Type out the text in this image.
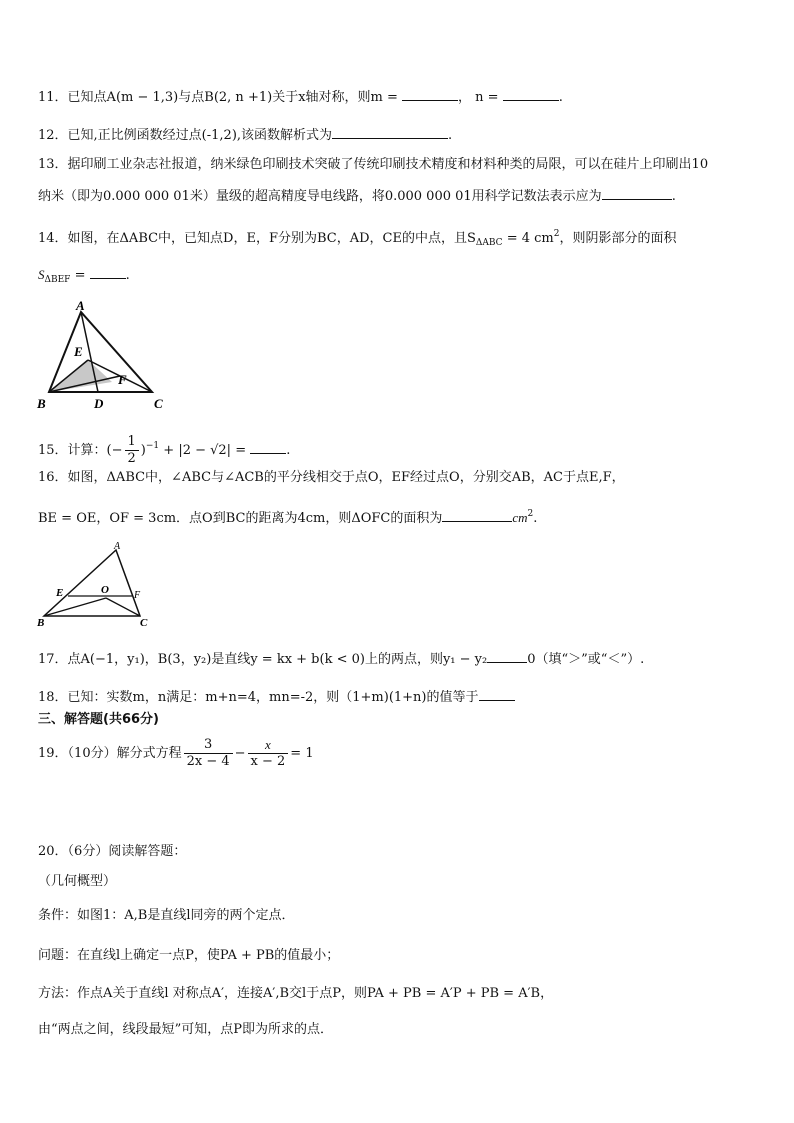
11．已知点A(m − 1,3)与点B(2, n +1)关于x轴对称，则m =	， n =	.
12．已知,正比例函数经过点(-1,2),该函数解析式为	.
13．据印刷工业杂志社报道，纳米绿色印刷技术突破了传统印刷技术精度和材料种类的局限，可以在硅片上印刷出10
纳米（即为0.000 000 01米）量级的超高精度导电线路，将0.000 000 01用科学记数法表示应为	.
14．如图，在ΔABC中，已知点D，E，F分别为BC，AD，CE的中点，且$S_{\Delta ABC} = 4$ $cm^2$，则阴影部分的面积
$S_{\Delta BEF}$ =	.
A
E
F
B	D	C
15．计算：(− $\frac{1}{2} )^{-1} + |2 - √2|$ =	.
16．如图，ΔABC中，∠ABC与∠ACB的平分线相交于点O，EF经过点O，分别交AB，AC于点E,F，
BE = OE，OF = 3cm．点O到BC的距离为4cm，则ΔOFC的面积为	$cm^2$.
A
E	O	F
B	C
17．点A(−1，y₁)，B(3，y₂)是直线y = kx + b(k < 0)上的两点，则y₁ − y₂	0（填“＞”或“＜”）.
18．已知：实数m，n满足：m+n=4，mn=-2，则（1+m)(1+n)的值等于
三、解答题(共66分)
19．（10分）解分式方程 $\frac{3}{2x - 4} - \frac{x}{x - 2} = 1$
20．（6分）阅读解答题：
（几何概型）
条件：如图1：A,B是直线l同旁的两个定点．
问题：在直线l上确定一点P，使PA + PB的值最小；
方法：作点A关于直线l 对称点A′，连接A′,B交l于点P，则PA + PB = A′P + PB = A′B，
由“两点之间，线段最短”可知，点P即为所求的点．
